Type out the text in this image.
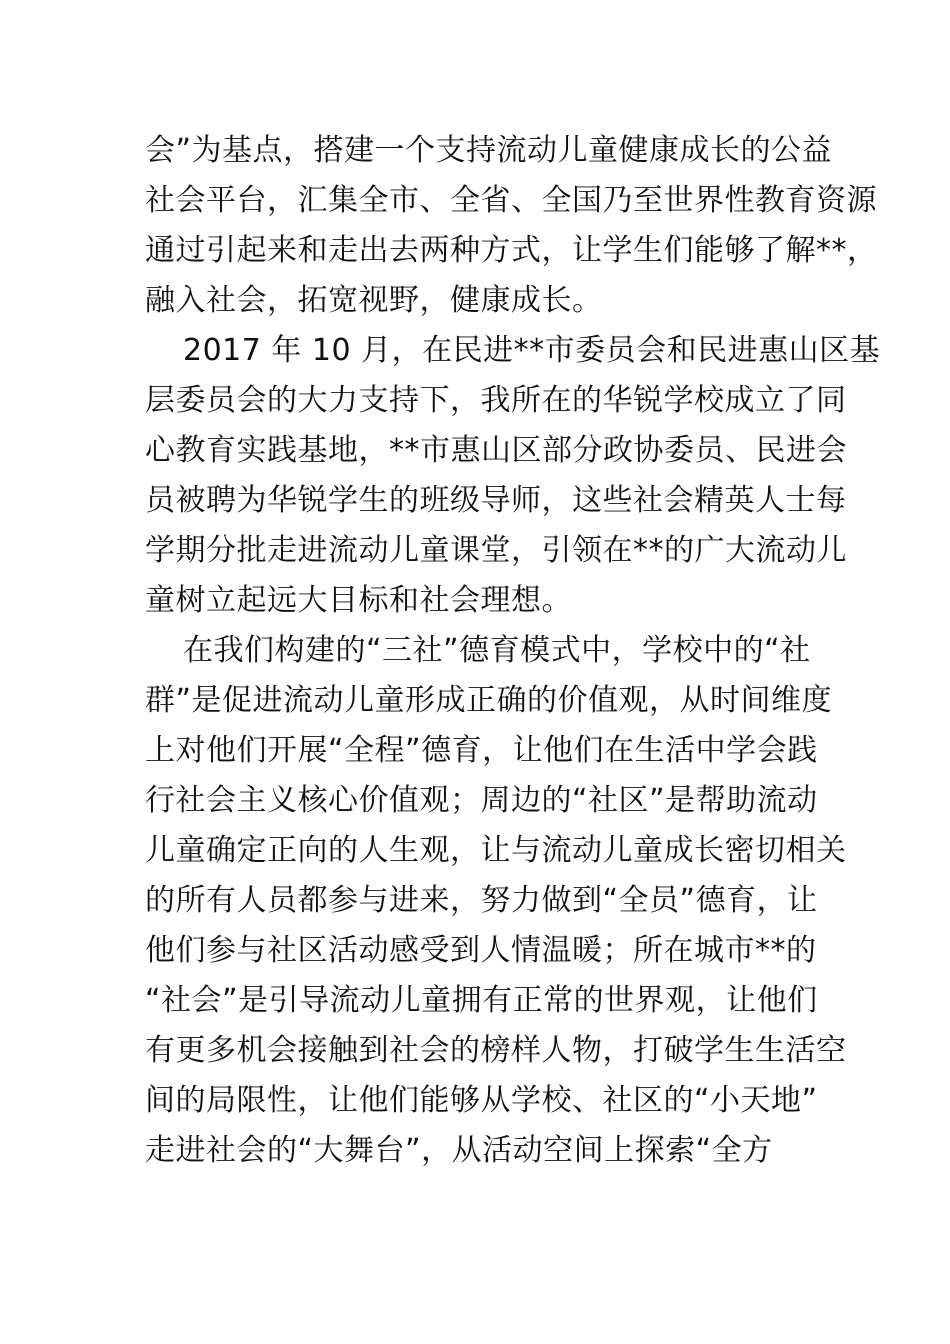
会”为基点，搭建一个支持流动儿童健康成长的公益
社会平台，汇集全市、全省、全国乃至世界性教育资源
通过引起来和走出去两种方式，让学生们能够了解**，
融入社会，拓宽视野，健康成长。
2017 年 10 月，在民进**市委员会和民进惠山区基
层委员会的大力支持下，我所在的华锐学校成立了同
心教育实践基地，**市惠山区部分政协委员、民进会
员被聘为华锐学生的班级导师，这些社会精英人士每
学期分批走进流动儿童课堂，引领在**的广大流动儿
童树立起远大目标和社会理想。
在我们构建的“三社”德育模式中，学校中的“社
群”是促进流动儿童形成正确的价值观，从时间维度
上对他们开展“全程”德育，让他们在生活中学会践
行社会主义核心价值观；周边的“社区”是帮助流动
儿童确定正向的人生观，让与流动儿童成长密切相关
的所有人员都参与进来，努力做到“全员”德育，让
他们参与社区活动感受到人情温暖；所在城市**的
“社会”是引导流动儿童拥有正常的世界观，让他们
有更多机会接触到社会的榜样人物，打破学生生活空
间的局限性，让他们能够从学校、社区的“小天地”
走进社会的“大舞台”，从活动空间上探索“全方
